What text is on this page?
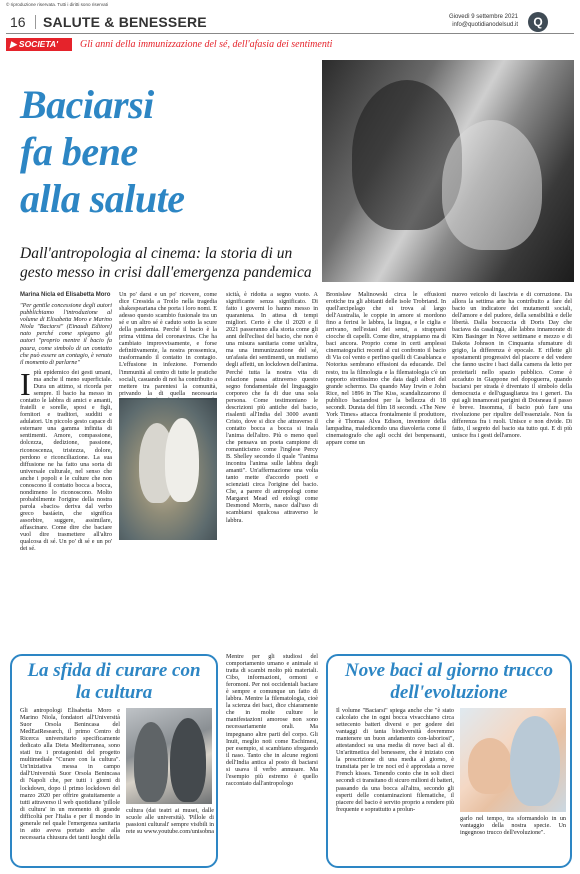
© riproduzione riservata. Tutti i diritti sono riservati
16 SALUTE & BENESSERE	Giovedì 9 settembre 2021
info@quotidianodelsud.it	Q
▶ SOCIETA'	Gli anni della immunizzazione del sé, dell'afasia dei sentimenti
Baciarsi
fa bene
alla salute
Dall'antropologia al cinema: la storia di un gesto messo in crisi dall'emergenza pandemica
Marina Nicla ed Elisabetta Moro
"Per gentile concessione degli autori pubblichiamo l'introduzione al volume di Elisabetta Moro e Marino Niola "Baciarsi" (Einaudi Editore) nato perché come spiegano gli autori "proprio mentre il bacio fa paura, come simbolo di un contatto che può essere un contagio, è venuto il momento di parlarne"
I più epidemico dei gesti umani, ma anche il meno superficiale. Dura un attimo, si ricorda per sempre. Il bacio ha messo in contatto le labbra di amici e amanti, fratelli e sorelle, sposi e figli, fornitori e traditori, sudditi e adulatori. Un piccolo gesto capace di esternare una gamma infinita di sentimenti. Amore, compassione, dolcezza, dedizione, passione, riconoscenza, tristezza, dolore, perdono e riconciliazione. La sua diffusione ne ha fatto una sorta di universale culturale, nel senso che anche i popoli e le culture che non conoscono il contatto bocca a bocca, nondimeno lo riconoscono. Molto probabilmente l'origine della nostra parola «bacio» deriva dal verbo greco basiáein, che significa assorbire, suggere, assimilare, affascinare. Come dire che baciare vuol dire trasmettere all'altro qualcosa di sé. Un po' di sé e un po' dei sé.
Un po' darsi e un po' ricevere, come dice Cressida a Troilo nella tragedia shakespeariana che porta i loro nomi. E adesso questo scambio fusionale tra un sé e un altro sé è caduto sotto la scure della pandemia. Perché il bacio è la prima vittima del coronavirus. Che ha cambiato improvvisamente, e forse definitivamente, la nostra prossemica, trasformando il contatto in contagio. L'effusione in infezione. Fornendo l'immunità al centro di tutte le pratiche sociali, casuando di noi ha contribuito a mettere tra parentesi la comunità, privando la di quella necessaria
sicità, è ridotta a segno vuoto. A significante senza significato. Di fatto i governi lo hanno messo in quarantena. In attesa di tempi migliori. Certo è che il 2020 e il 2021 passeranno alla storia come gli anni dell'eclissi del bacio, che non è una misura sanitaria come un'altra, ma una immunizzazione del sé, un'afasia dei sentimenti, un mutismo degli affetti, un lockdown dell'anima. Perché tutta la nostra vita di relazione passa attraverso questo segno fondamentale del linguaggio corporeo che fa di due una sola persona. Come testimoniano le descrizioni più antiche del bacio, risalenti all'India del 3000 avanti Cristo, dove si dice che attraverso il contatto bocca a bocca si inala l'anima dell'altro. Più o meno quel che pensava un poeta campione di romanticismo come l'inglese Percy B. Shelley secondo il quale "l'anima incontra l'anima sulle labbra degli amanti". Un'affermazione una volta tanto mette d'accordo poeti e scienziati circa l'origine del bacio. Che, a parere di antropologi come Margaret Mead ed etologi come Desmond Morris, nasce dall'uso di scambiarsi qualcosa attraverso le labbra.
Mentre per gli studiosi del comportamento umano e animale si tratta di scambi molto più materiali. Cibo, informazioni, ormoni e feromoni. Per noi occidentali baciare è sempre e comunque un fatto di labbra. Mentre la filematologia, cioè la scienza dei baci, dice chiaramente che in molte culture le manifestazioni amorose non sono necessariamente orali. Ma impegnano altre parti del corpo. Gli Inuit, meglio noti come Eschimesi, per esempio, si scambiano sfregando il naso. Tanto che in alcune regioni dell'India antica al posto di baciarsi si usava il verbo annusare. Ma l'esempio più estremo è quello raccontato dall'antropologo
Bronisław Malinowski circa le effusioni erotiche tra gli abitanti delle isole Trobriand. In quell'arcipelago che si trova al largo dell'Australia, le coppie in amore si mordono fino a ferirsi le labbra, la lingua, e le ciglia e arrivano, nell'estasi dei sensi, a strapparsi ciocche di capelli. Come dire, strappiamo ma di baci ancora. Proprio come in certi amplessi cinematografici recenti al cui confronto il bacio di Via col vento e perfino quelli di Casablanca e Notorius sembrano effusioni da educande. Del resto, tra la filmologia e la filematologia c'è un rapporto strettissimo che data dagli albori del grande schermo. Da quando May Irwin e John Rice, nel 1896 in The Kiss, scandalizzarono il pubblico baciandosi per la bellezza di 18 secondi. Durata del film 18 secondi. «The New York Times» attacca frontalmente il produttore, che è Thomas Alva Edison, inventore della lampadina, maledicendo una diavoleria come il cinematografo che agli occhi dei benpensanti, appare come un
nuovo veicolo di lascivia e di corruzione. Da allora la settima arte ha contribuito a fare del bacio un indicatore dei mutamenti sociali, dell'amore e del pudore, della sensibilità e delle libertà. Dalla boccuccia di Doris Day che baciava da casalinga, alle labbra innamorate di Kim Basinger in Nove settimane e mezzo e di Dakota Johnson in Cinquanta sfumature di grigio, la differenza è epocale. E riflette gli spostamenti progressivi del piacere e del vedere che fanno uscire i baci dalla camera da letto per proiettarli nello spazio pubblico. Come è accaduto in Giappone nel dopoguerra, quando baciarsi per strada è diventato il simbolo della democrazia e dell'uguaglianza tra i generi. Da qui agli innamorati parigini di Doisneau il passo è breve. Insomma, il bacio può fare una rivoluzione per ripulire dell'essenziale. Non fa differenza fra i ruoli. Unisce e non divide. Di fatto, il segreto del bacio sta tutto qui. E di più unisce fra i gesti dell'amore.
La sfida di curare con la cultura
Gli antropologi Elisabetta Moro e Marino Niola, fondatori all'Università Suor Orsola Benincasa del MedEatResearch, il primo Centro di Ricerca universitario specificamente dedicato alla Dieta Mediterranea, sono stati tra i protagonisti del progetto multimediale "Curare con la cultura". Un'iniziativa messa in campo dall'Università Suor Orsola Benincasa di Napoli che, per tutti i giorni di lockdown, dopo il primo lockdown del marzo 2020 per offrire gratuitamente a tutti attraverso il web quotidiane 'pillole di cultura' in un momento di grande difficoltà per l'Italia e per il mondo in generale nel quale l'emergenza sanitaria in atto aveva portato anche alla necessaria chiusura dei tanti luoghi della
cultura (dai teatri ai musei, dalle scuole alle università). 'Pillole di passioni culturali' sempre visibili in rete su www.youtube.com/unisobna
Nove baci al giorno trucco dell'evoluzione
Il volume "Baciarsi" spiega anche che "è stato calcolato che in ogni bocca vivacchiano circa settecento batteri diversi e per godere dei vantaggi di tanta biodiversità dovremmo mantenere un buon andamento con-laboriosi", attestandoci su una media di nove baci al di. Un'aritmetica del benessere, che è iniziato con la prescrizione di una media al giorno, è transitata per le tre noci ed è approdata a nove French kisses. Tenendo conto che in soli dieci secondi ci transitano di sicuro milioni di batteri, passando da una bocca all'altra, secondo gli esperti delle contaminazioni filematiche, il piacere del bacio è servito proprio a rendere più frequente e soprattutto a prolun-
garlo nel tempo, tra sformandolo in un vantaggio della nostra specie. Un ingegnoso trucco dell'evoluzione".
